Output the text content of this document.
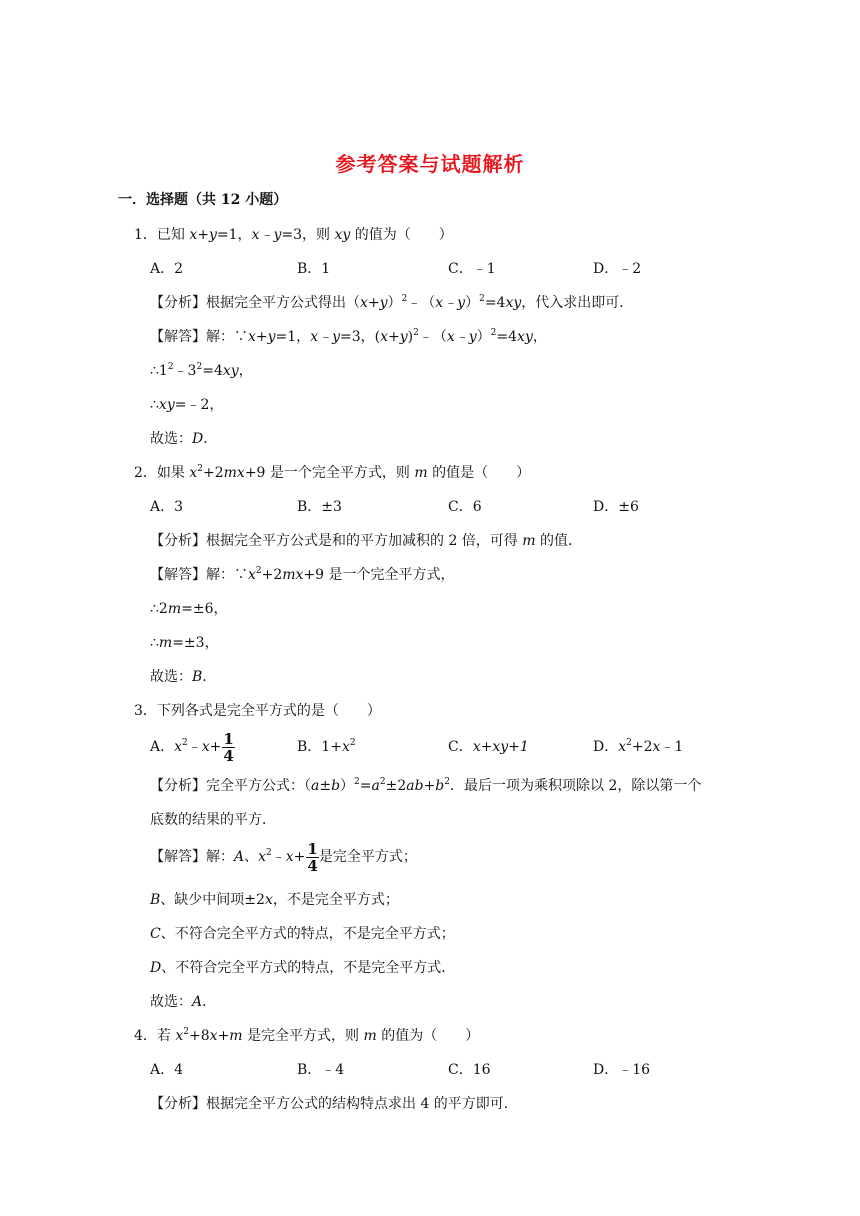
参考答案与试题解析
一．选择题（共 12 小题）
1．已知 x+y=1，x﹣y=3，则 xy 的值为（　　）
A．2	B．1	C．﹣1	D．﹣2
【分析】根据完全平方公式得出$(x+y)^2﹣(x﹣y)^2=4xy$，代入求出即可．
【解答】解：∵x+y=1，x﹣y=3，$(x+y)^2﹣(x﹣y)^2=4xy$，
$\therefore 1^2﹣3^2=4xy$，
∴xy=﹣2，
故选：D．
2．如果 $x^2+2mx+9$ 是一个完全平方式，则 m 的值是（　　）
A．3	B．±3	C．6	D．±6
【分析】根据完全平方公式是和的平方加减积的 2 倍，可得 m 的值．
【解答】解：$\because x^2+2mx+9$ 是一个完全平方式，
∴2m=±6，
∴m=±3，
故选：B．
3．下列各式是完全平方式的是（　　）
A．$x^2﹣x+ \frac{1}{4}$	B．$1+x^2$	C．x+xy+1	D．$x^2+2x﹣1$
【分析】完全平方公式：$(a\pm b)^2=a^2\pm 2ab+b^2$．最后一项为乘积项除以 2，除以第一个
底数的结果的平方．
【解答】解：A、$x^2﹣x+ \frac{1}{4}$ 是完全平方式；
B、缺少中间项±2x，不是完全平方式；
C、不符合完全平方式的特点，不是完全平方式；
D、不符合完全平方式的特点，不是完全平方式．
故选：A．
4．若 $x^2+8x+m$ 是完全平方式，则 m 的值为（　　）
A．4	B．﹣4	C．16	D．﹣16
【分析】根据完全平方公式的结构特点求出 4 的平方即可．
